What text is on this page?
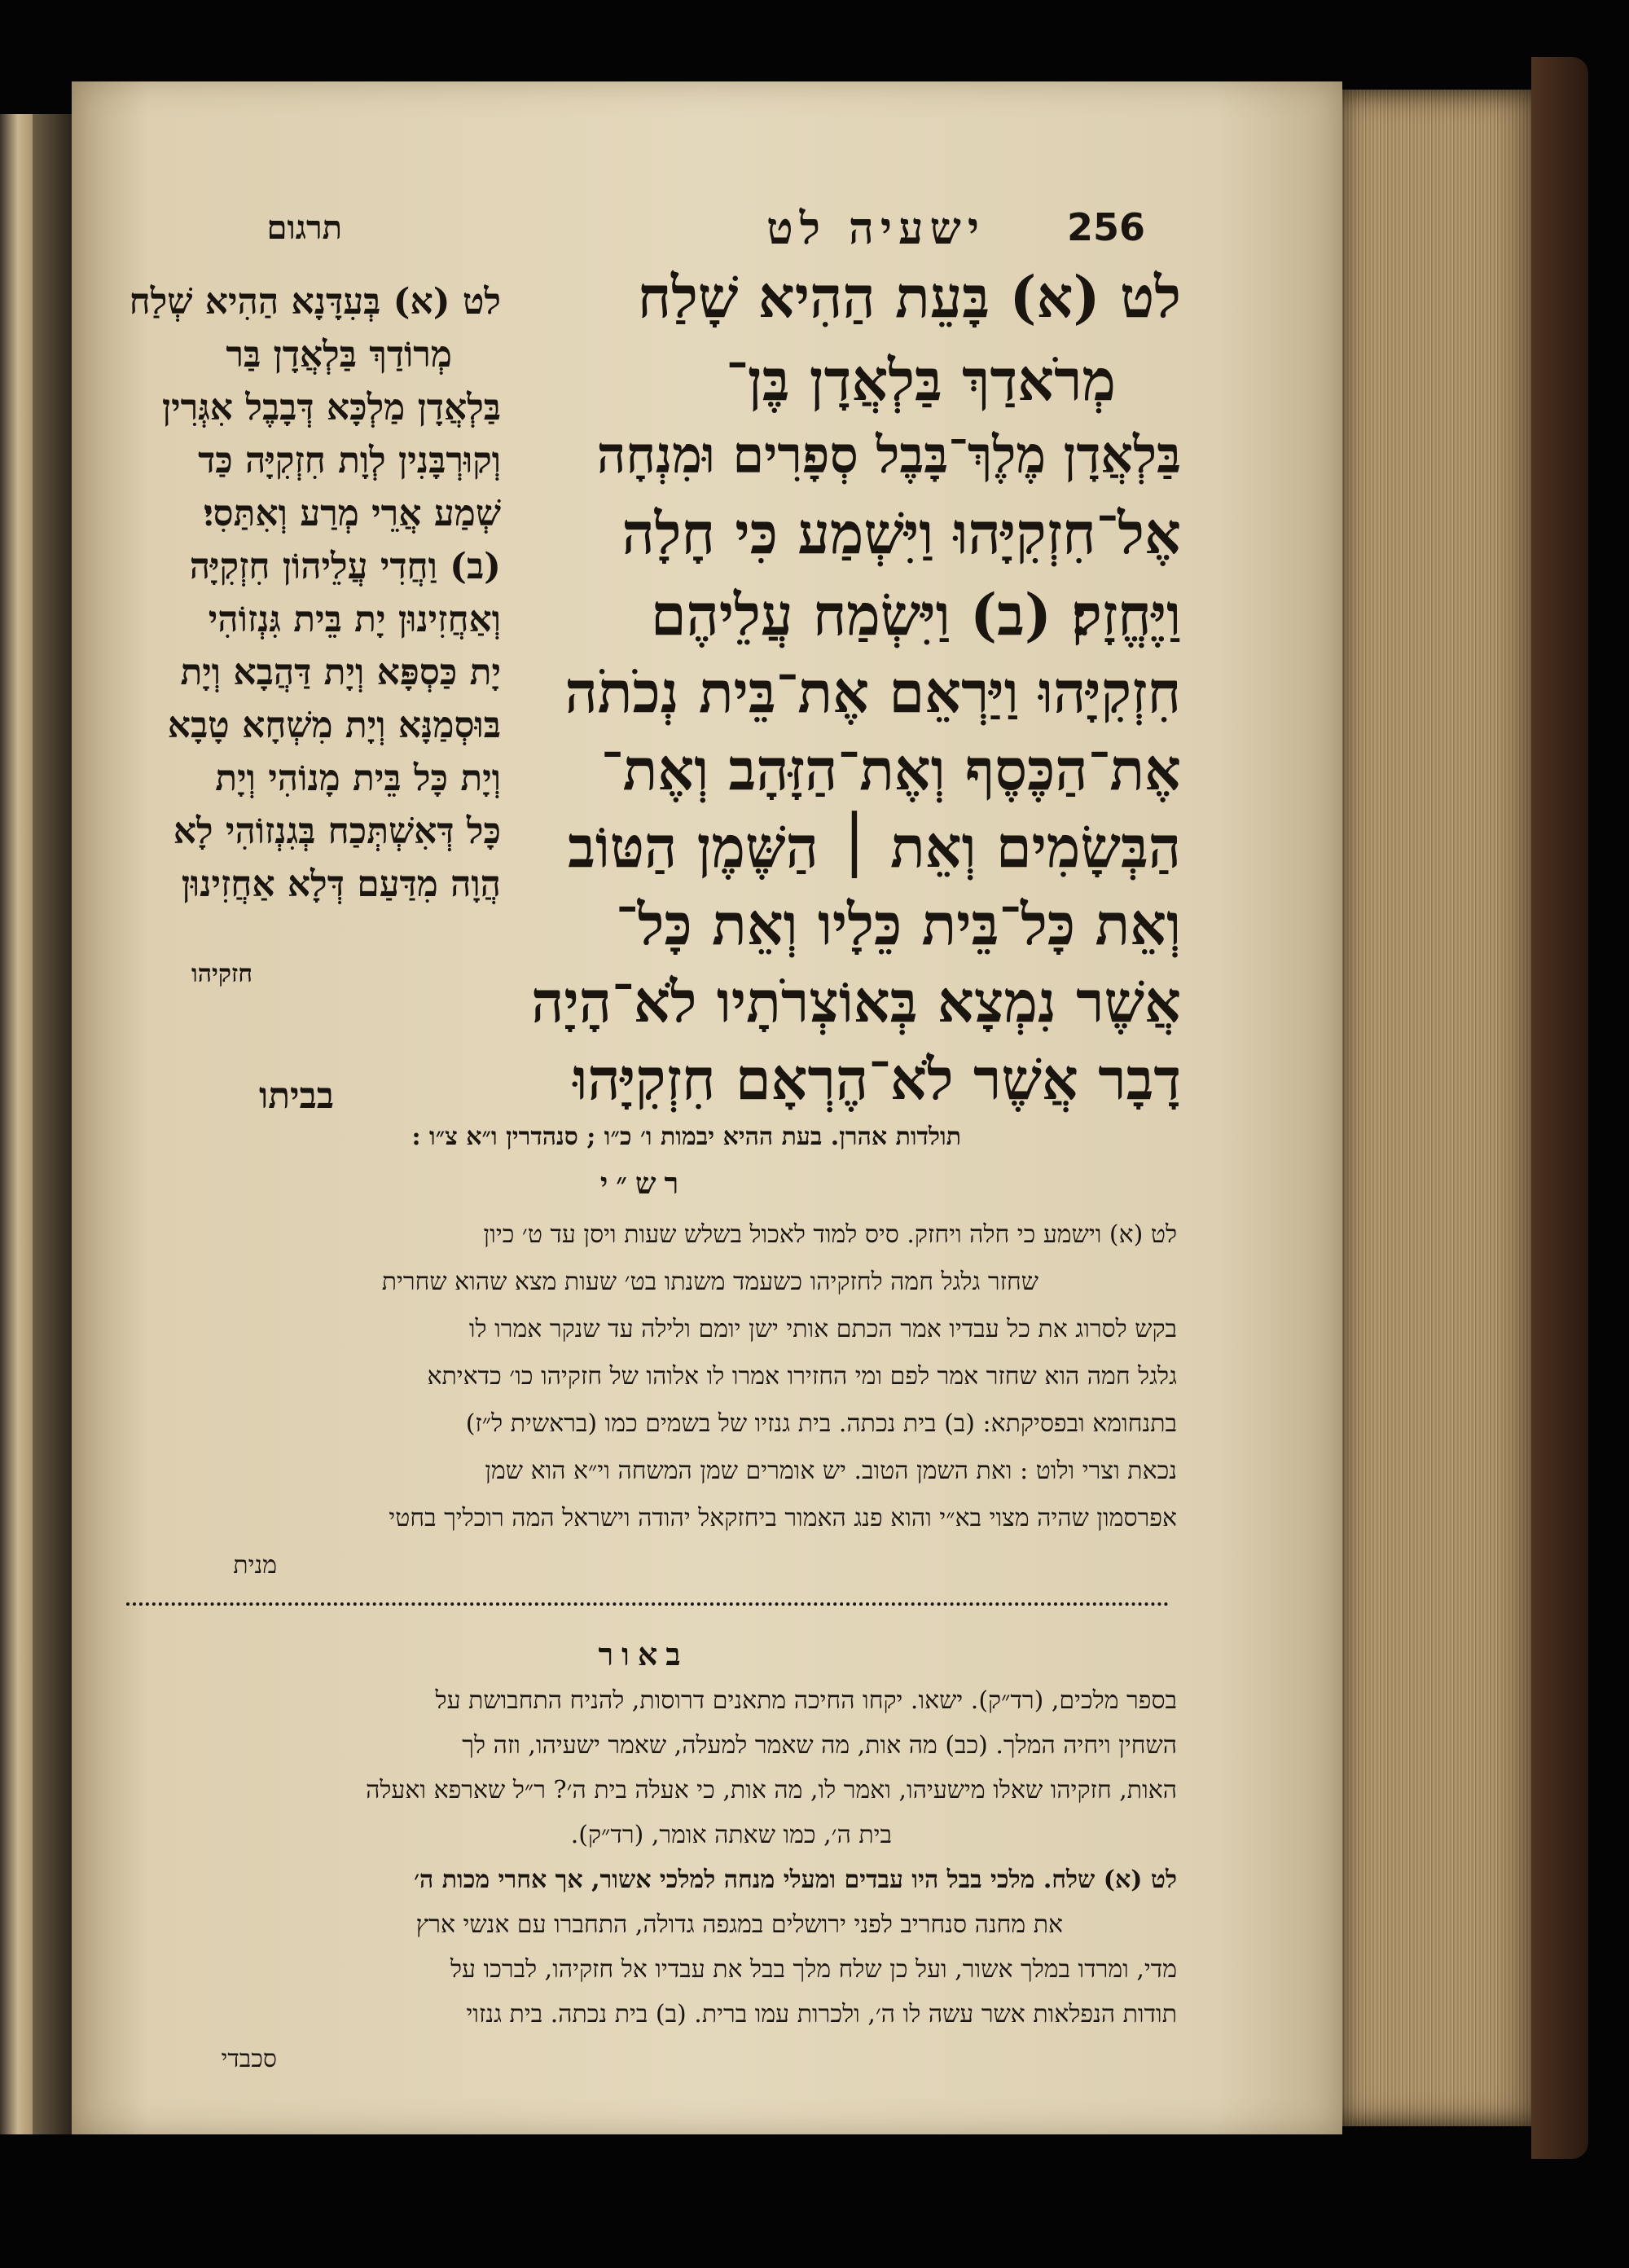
256
ישעיה לט
תרגום
לט (א) בָּעֵת הַהִיא שָׁלַח
מְרֹאדַךְ בַּלְאֲדָן בֶּן־
בַּלְאֲדָן מֶלֶךְ־בָּבֶל סְפָרִים וּמִנְחָה
אֶל־חִזְקִיָּהוּ וַיִּשְׁמַע כִּי חָלָה
וַיֶּחֱזָק׃ (ב) וַיִּשְׂמַח עֲלֵיהֶם
חִזְקִיָּהוּ וַיַּרְאֵם אֶת־בֵּית נְכֹתֹה
אֶת־הַכֶּסֶף וְאֶת־הַזָּהָב וְאֶת־
הַבְּשָׂמִים וְאֵת ׀ הַשֶּׁמֶן הַטּוֹב
וְאֵת כָּל־בֵּית כֵּלָיו וְאֵת כָּל־
אֲשֶׁר נִמְצָא בְּאוֹצְרֹתָיו לֹא־הָיָה
דָבָר אֲשֶׁר לֹא־הֶרְאָם חִזְקִיָּהוּ
בביתו
לט (א) בְּעִדָּנָא הַהִיא שְׁלַח
מְרוֹדַךְ בַּלְאֲדָן בַּר
בַּלְאֲדָן מַלְכָּא דְּבָבֶל אִגְּרִין
וְקוּרְבָּנִין לְוָת חִזְקִיָּה כַּד
שְׁמַע אֲרֵי מְרַע וְאִתַּסִי׃
(ב) וַחֲדִי עֲלֵיהוֹן חִזְקִיָּה
וְאַחֲזִינוּן יָת בֵּית גִּנְזוֹהִי
יָת כַּסְפָּא וְיָת דַּהֲבָא וְיָת
בּוּסְמַנָּא וְיָת מִשְׁחָא טָבָא
וְיָת כָּל בֵּית מָנוֹהִי וְיָת
כָּל דְּאִשְׁתְּכַח בְּגִנְזוֹהִי לָא
הֲוָה מִדַּעַם דְּלָא אַחֲזִינוּן
חזקיהו
תולדות אהרן. בעת ההיא יבמות ו׳ כ״ו ; סנהדרין ו״א צ״ו :
רש״י
לט (א) וישמע כי חלה ויחזק. סיס למוד לאכול בשלש שעות ויסן עד ט׳ כיון
שחזר גלגל חמה לחזקיהו כשעמד משנתו בט׳ שעות מצא שהוא שחרית
בקש לסרוג את כל עבדיו אמר הכתם אותי ישן יומם ולילה עד שנקר אמרו לו
גלגל חמה הוא שחזר אמר לפם ומי החזירו אמרו לו אלוהו של חזקיהו כו׳ כדאיתא
בתנחומא ובפסיקתא: (ב) בית נכתה. בית גנזיו של בשמים כמו (בראשית ל״ז)
נכאת וצרי ולוט : ואת השמן הטוב. יש אומרים שמן המשחה וי״א הוא שמן
אפרסמון שהיה מצוי בא״י והוא פנג האמור ביחזקאל יהודה וישראל המה רוכליך בחטי
מנית
באור
בספר מלכים, (רד״ק). ישאו. יקחו החיכה מתאנים דרוסות, להניח התחבושת על
השחין ויחיה המלך. (כב) מה אות, מה שאמר למעלה, שאמר ישעיהו, וזה לך
האות, חזקיהו שאלו מישעיהו, ואמר לו, מה אות, כי אעלה בית ה׳? ר״ל שארפא ואעלה
בית ה׳, כמו שאתה אומר, (רד״ק).
לט (א) שלח. מלכי בבל היו עבדים ומעלי מנחה למלכי אשור, אך אחרי מכות ה׳
את מחנה סנחריב לפני ירושלים במגפה גדולה, התחברו עם אנשי ארץ
מדי, ומרדו במלך אשור, ועל כן שלח מלך בבל את עבדיו אל חזקיהו, לברכו על
תודות הנפלאות אשר עשה לו ה׳, ולכרות עמו ברית. (ב) בית נכתה. בית גנזוי
סכבדי
